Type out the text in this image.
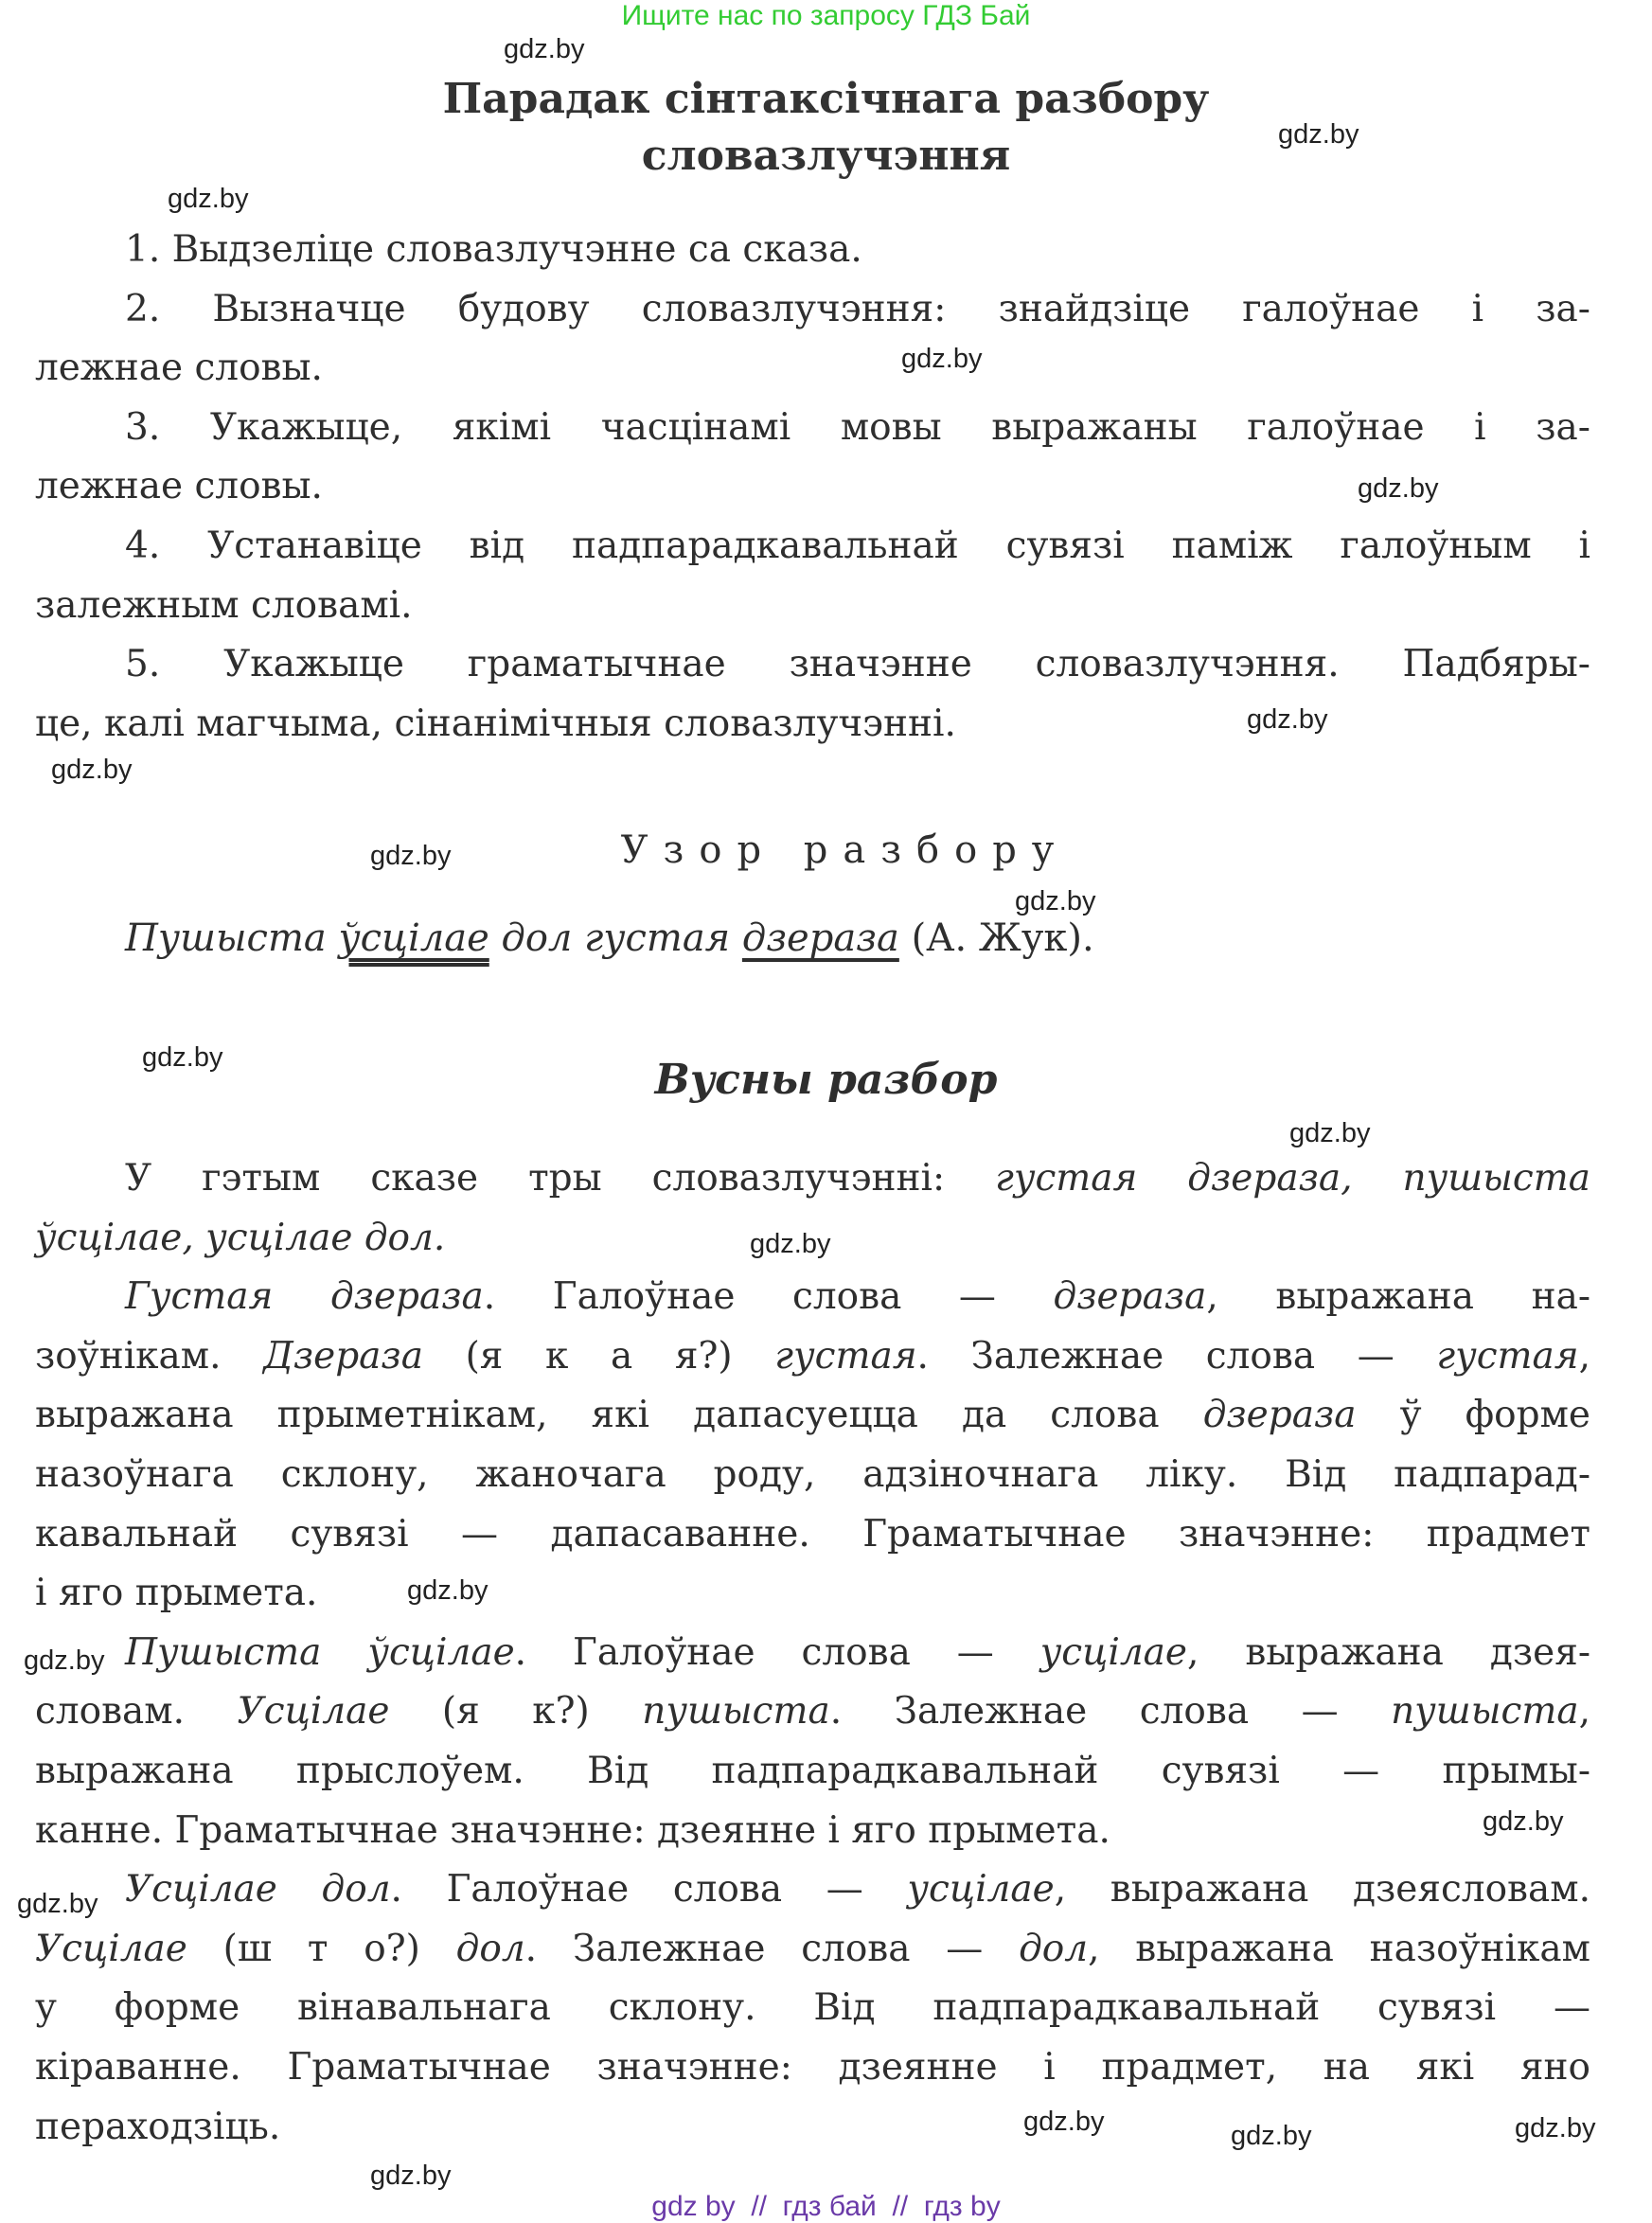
Ищите нас по запросу ГДЗ Бай
Парадак сінтаксічнага разбору
словазлучэння
1. Выдзеліце словазлучэнне са сказа.
2. Вызначце будову словазлучэння: знайдзіце галоўнае і за-
лежнае словы.
3. Укажыце, якімі часцінамі мовы выражаны галоўнае і за-
лежнае словы.
4. Устанавіце від падпарадкавальнай сувязі паміж галоўным і
залежным словамі.
5. Укажыце граматычнае значэнне словазлучэння. Падбяры-
це, калі магчыма, сінанімічныя словазлучэнні.
Узор разбору
Пушыста ўсцілае дол густая дзераза (А. Жук).
Вусны разбор
У гэтым сказе тры словазлучэнні: густая дзераза, пушыста
ўсцілае, усцілае дол.
Густая дзераза. Галоўнае слова — дзераза, выражана на-
зоўнікам. Дзераза (я к а я?) густая. Залежнае слова — густая,
выражана прыметнікам, які дапасуецца да слова дзераза ў форме
назоўнага склону, жаночага роду, адзіночнага ліку. Від падпарад-
кавальнай сувязі — дапасаванне. Граматычнае значэнне: прадмет
і яго прымета.
Пушыста ўсцілае. Галоўнае слова — усцілае, выражана дзея-
словам. Усцілае (я к?) пушыста. Залежнае слова — пушыста,
выражана прыслоўем. Від падпарадкавальнай сувязі — прымы-
канне. Граматычнае значэнне: дзеянне і яго прымета.
Усцілае дол. Галоўнае слова — усцілае, выражана дзеясловам.
Усцілае (ш т о?) дол. Залежнае слова — дол, выражана назоўнікам
у форме вінавальнага склону. Від падпарадкавальнай сувязі —
кіраванне. Граматычнае значэнне: дзеянне і прадмет, на які яно
пераходзіць.
gdz.by
gdz.by
gdz.by
gdz.by
gdz.by
gdz.by
gdz.by
gdz.by
gdz.by
gdz.by
gdz.by
gdz.by
gdz.by
gdz.by
gdz.by
gdz.by
gdz.by
gdz.by
gdz.by
gdz.by
gdz by  //  гдз бай  //  гдз by
